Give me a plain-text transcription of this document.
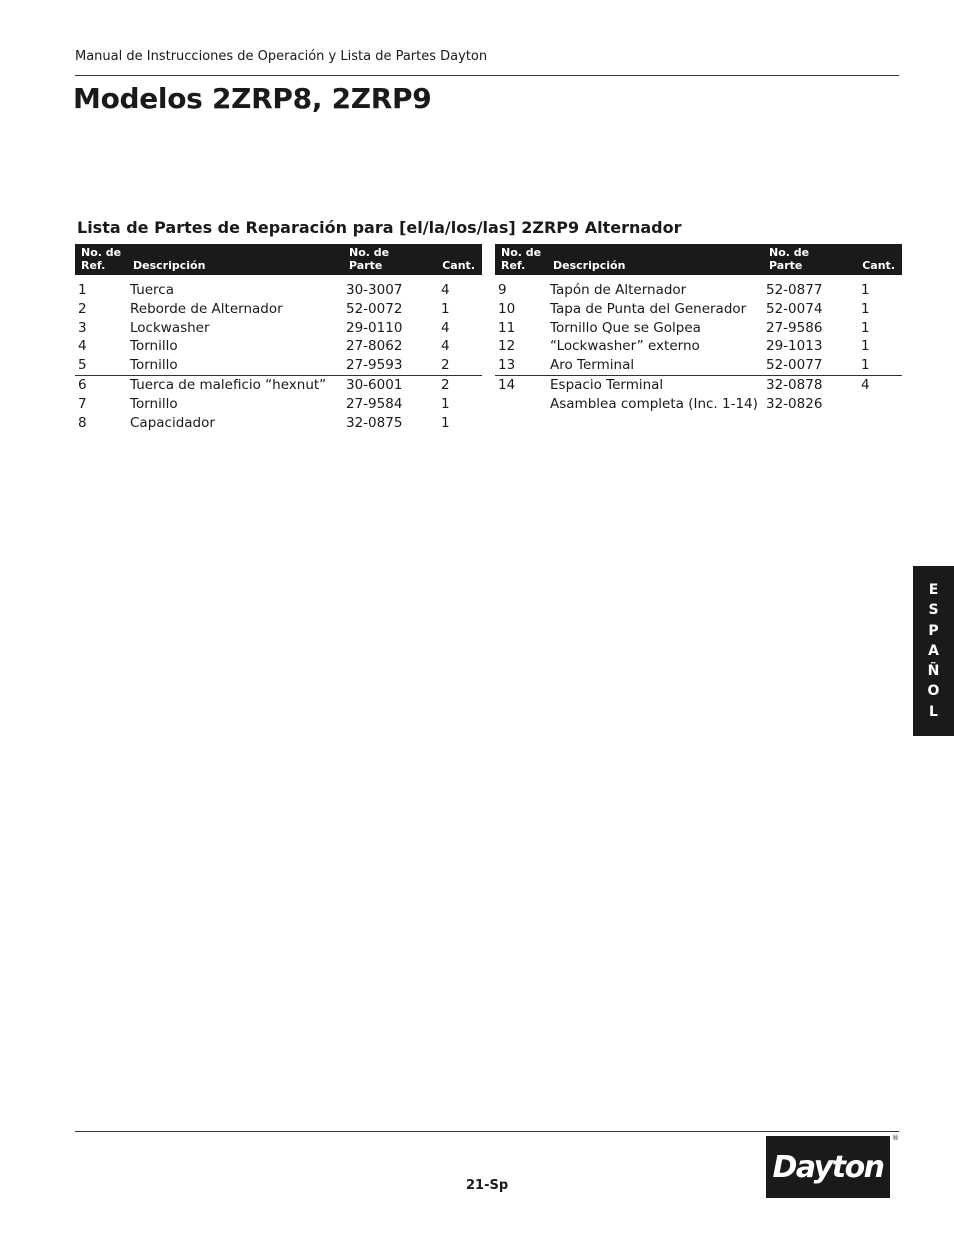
Manual de Instrucciones de Operación y Lista de Partes Dayton
Modelos 2ZRP8, 2ZRP9
Lista de Partes de Reparación para [el/la/los/las] 2ZRP9 Alternador
No. de
Ref.	Descripción	No. de
Parte	Cant.
1	Tuerca	30-3007	4
2	Reborde de Alternador	52-0072	1
3	Lockwasher	29-0110	4
4	Tornillo	27-8062	4
5	Tornillo	27-9593	2
6	Tuerca de maleficio “hexnut”	30-6001	2
7	Tornillo	27-9584	1
8	Capacidador	32-0875	1
No. de
Ref.	Descripción	No. de
Parte	Cant.
9	Tapón de Alternador	52-0877	1
10	Tapa de Punta del Generador	52-0074	1
11	Tornillo Que se Golpea	27-9586	1
12	“Lockwasher” externo	29-1013	1
13	Aro Terminal	52-0077	1
14	Espacio Terminal	32-0878	4
	Asamblea completa (Inc. 1-14)	32-0826	
E
S
P
A
Ñ
O
L
21-Sp
Dayton
®
